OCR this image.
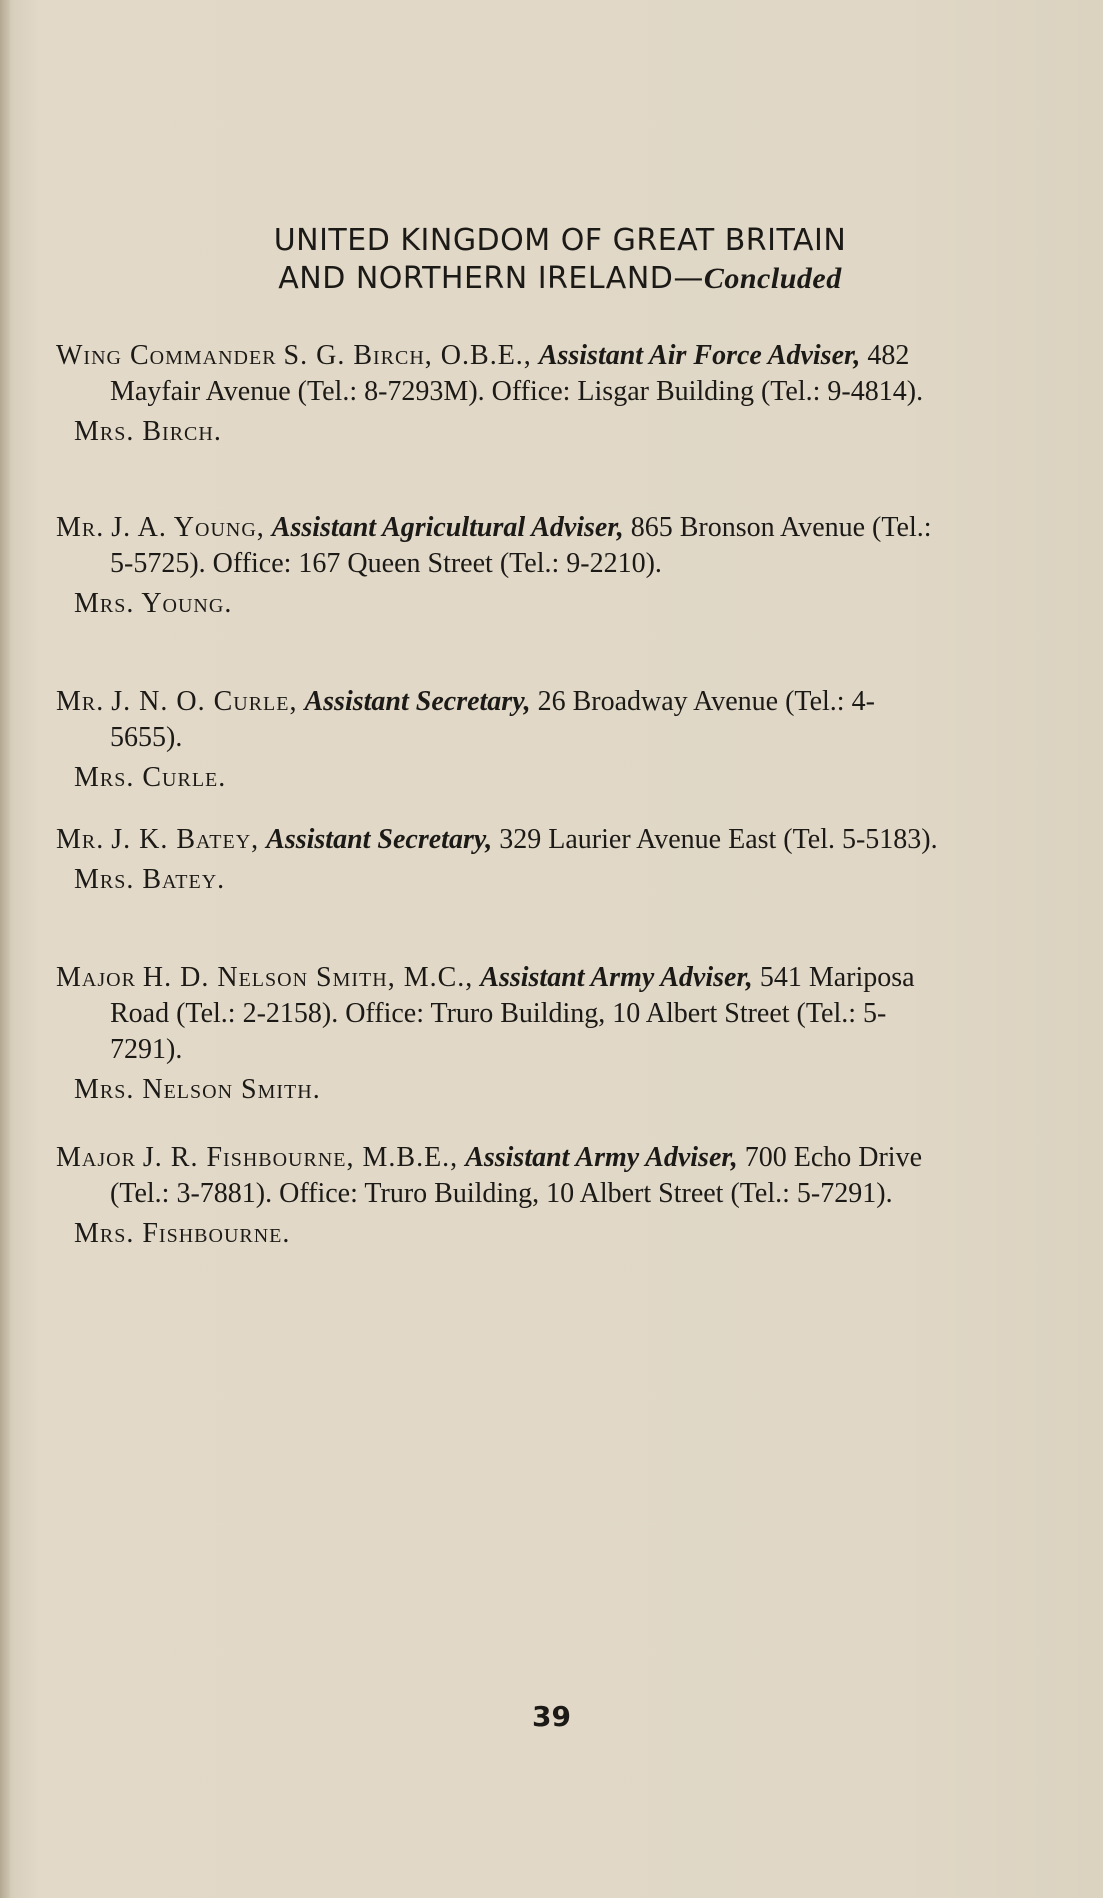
UNITED KINGDOM OF GREAT BRITAIN
AND NORTHERN IRELAND—Concluded

Wing Commander S. G. Birch, O.B.E., Assistant Air Force Adviser, 482 Mayfair Avenue (Tel.: 8-7293M). Office: Lisgar Building (Tel.: 9-4814).

Mrs. Birch.

Mr. J. A. Young, Assistant Agricultural Adviser, 865 Bronson Avenue (Tel.: 5-5725). Office: 167 Queen Street (Tel.: 9-2210).

Mrs. Young.

Mr. J. N. O. Curle, Assistant Secretary, 26 Broadway Avenue (Tel.: 4-5655).

Mrs. Curle.

Mr. J. K. Batey, Assistant Secretary, 329 Laurier Avenue East (Tel. 5-5183).

Mrs. Batey.

Major H. D. Nelson Smith, M.C., Assistant Army Adviser, 541 Mariposa Road (Tel.: 2-2158). Office: Truro Building, 10 Albert Street (Tel.: 5-7291).

Mrs. Nelson Smith.

Major J. R. Fishbourne, M.B.E., Assistant Army Adviser, 700 Echo Drive (Tel.: 3-7881). Office: Truro Building, 10 Albert Street (Tel.: 5-7291).

Mrs. Fishbourne.

39
